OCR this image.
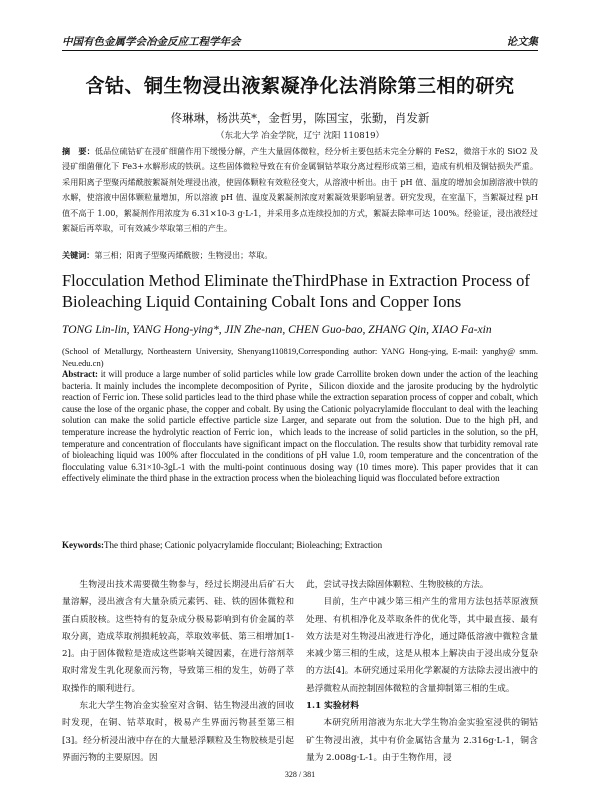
中国有色金属学会冶金反应工程学年会	论文集
含钴、铜生物浸出液絮凝净化法消除第三相的研究
佟琳琳，杨洪英*，金哲男，陈国宝，张勤，肖发新
（东北大学 冶金学院，辽宁 沈阳 110819）
摘　要：低品位硫钴矿在浸矿细菌作用下缓慢分解，产生大量固体微粒，经分析主要包括未完全分解的 FeS2，微溶于水的 SiO2 及浸矿细菌催化下 Fe3+水解形成的铁矾。这些固体微粒导致在有价金属铜钴萃取分离过程形成第三相，造成有机相及铜钴损失严重。采用阳离子型聚丙烯酰胺絮凝剂处理浸出液，使固体颗粒有效粒径变大，从溶液中析出。由于 pH 值、温度的增加会加剧溶液中铁的水解，使溶液中固体颗粒量增加，所以溶液 pH 值、温度及絮凝剂浓度对絮凝效果影响显著。研究发现，在室温下，当絮凝过程 pH 值不高于 1.00，絮凝剂作用浓度为 6.31×10-3 g·L-1，并采用多点连续投加的方式，絮凝去除率可达 100%。经验证，浸出液经过絮凝后再萃取，可有效减少萃取第三相的产生。
关键词：第三相；阳离子型聚丙烯酰胺；生物浸出；萃取。
Flocculation Method Eliminate theThirdPhase in Extraction Process of Bioleaching Liquid Containing Cobalt Ions and Copper Ions
TONG Lin-lin, YANG Hong-ying*, JIN Zhe-nan, CHEN Guo-bao, ZHANG Qin, XIAO Fa-xin
(School of Metallurgy, Northeastern University, Shenyang110819,Corresponding author: YANG Hong-ying, E-mail: yanghy@ smm. Neu.edu.cn)
Abstract: it will produce a large number of solid particles while low grade Carrollite broken down under the action of the leaching bacteria. It mainly includes the incomplete decomposition of Pyrite，Silicon dioxide and the jarosite producing by the hydrolytic reaction of Ferric ion. These solid particles lead to the third phase while the extraction separation process of copper and cobalt, which cause the lose of the organic phase, the copper and cobalt. By using the Cationic polyacrylamide flocculant to deal with the leaching solution can make the solid particle effective particle size Larger, and separate out from the solution. Due to the high pH, and temperature increase the hydrolytic reaction of Ferric ion，which leads to the increase of solid particles in the solution, so the pH, temperature and concentration of flocculants have significant impact on the flocculation. The results show that turbidity removal rate of bioleaching liquid was 100% after flocculated in the conditions of pH value 1.0, room temperature and the concentration of the flocculating value 6.31×10-3gL-1 with the multi-point continuous dosing way (10 times more). This paper provides that it can effectively eliminate the third phase in the extraction process when the bioleaching liquid was flocculated before extraction
Keywords:The third phase; Cationic polyacrylamide flocculant; Bioleaching; Extraction

生物浸出技术需要微生物参与，经过长期浸出后矿石大量溶解，浸出液含有大量杂质元素钙、硅、铁的固体微粒和蛋白质胶核。这些特有的复杂成分极易影响到有价金属的萃取分离，造成萃取剂损耗较高，萃取效率低、第三相增加[1-2]。由于固体微粒是造成这些影响关键因素，在进行溶剂萃取时常发生乳化现象而污物，导致第三相的发生，妨碍了萃取操作的顺利进行。

东北大学生物冶金实验室对含铜、钴生物浸出液的回收时发现，在铜、钴萃取时，极易产生界面污物甚至第三相[3]。经分析浸出液中存在的大量悬浮颗粒及生物胶核是引起界面污物的主要原因。因

此，尝试寻找去除固体颗粒、生物胶核的方法。

目前，生产中减少第三相产生的常用方法包括萃原液预处理、有机相净化及萃取条件的优化等，其中最直接、最有效方法是对生物浸出液进行净化，通过降低溶液中微粒含量来减少第三相的生成，这是从根本上解决由于浸出成分复杂的方法[4]。本研究通过采用化学絮凝的方法除去浸出液中的悬浮微粒从而控制固体微粒的含量抑制第三相的生成。

1.1 实验材料

本研究所用溶液为东北大学生物冶金实验室浸供的铜钴矿生物浸出液，其中有价金属钴含量为 2.316g·L-1，铜含量为 2.008g·L-1。由于生物作用，浸

328 / 381
